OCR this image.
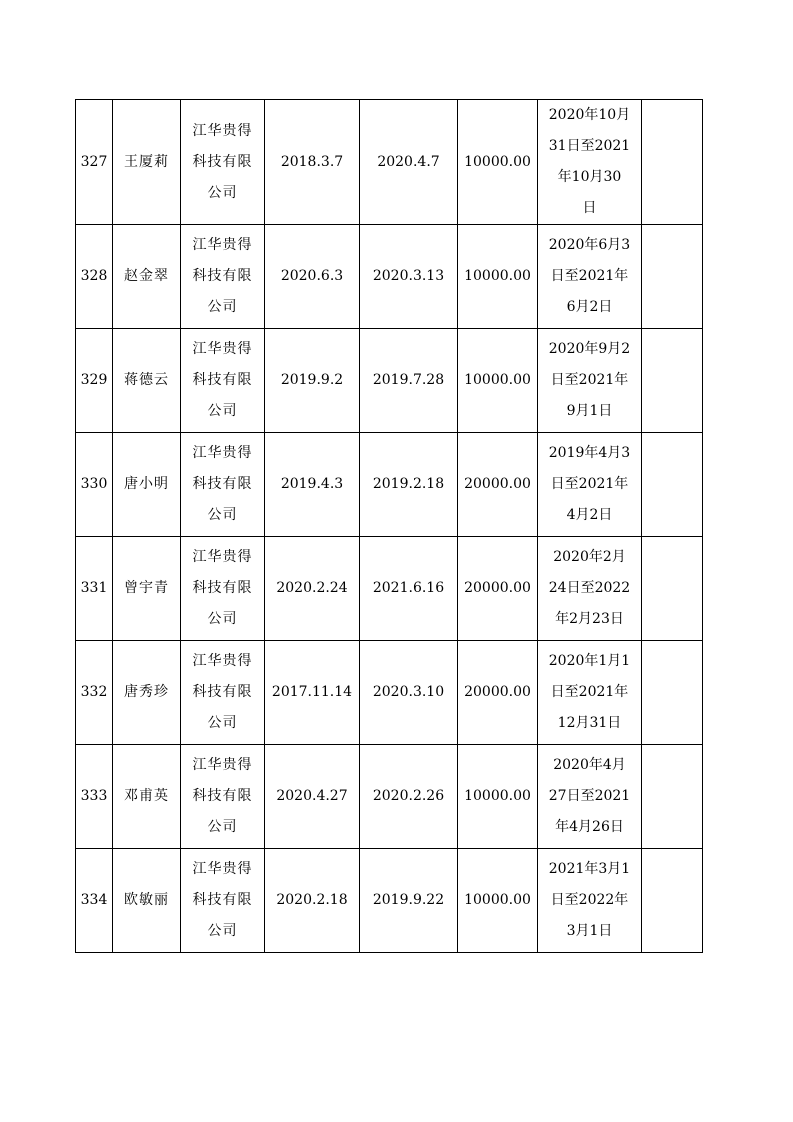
327	王厦莉	江华贵得
科技有限
公司	2018.3.7	2020.4.7	10000.00	2020年10月
31日至2021
年10月30
日	

328	赵金翠	江华贵得
科技有限
公司	2020.6.3	2020.3.13	10000.00	2020年6月3
日至2021年
6月2日	

329	蒋德云	江华贵得
科技有限
公司	2019.9.2	2019.7.28	10000.00	2020年9月2
日至2021年
9月1日	

330	唐小明	江华贵得
科技有限
公司	2019.4.3	2019.2.18	20000.00	2019年4月3
日至2021年
4月2日	

331	曾宇青	江华贵得
科技有限
公司	2020.2.24	2021.6.16	20000.00	2020年2月
24日至2022
年2月23日	

332	唐秀珍	江华贵得
科技有限
公司	2017.11.14	2020.3.10	20000.00	2020年1月1
日至2021年
12月31日	

333	邓甫英	江华贵得
科技有限
公司	2020.4.27	2020.2.26	10000.00	2020年4月
27日至2021
年4月26日	

334	欧敏丽	江华贵得
科技有限
公司	2020.2.18	2019.9.22	10000.00	2021年3月1
日至2022年
3月1日	
